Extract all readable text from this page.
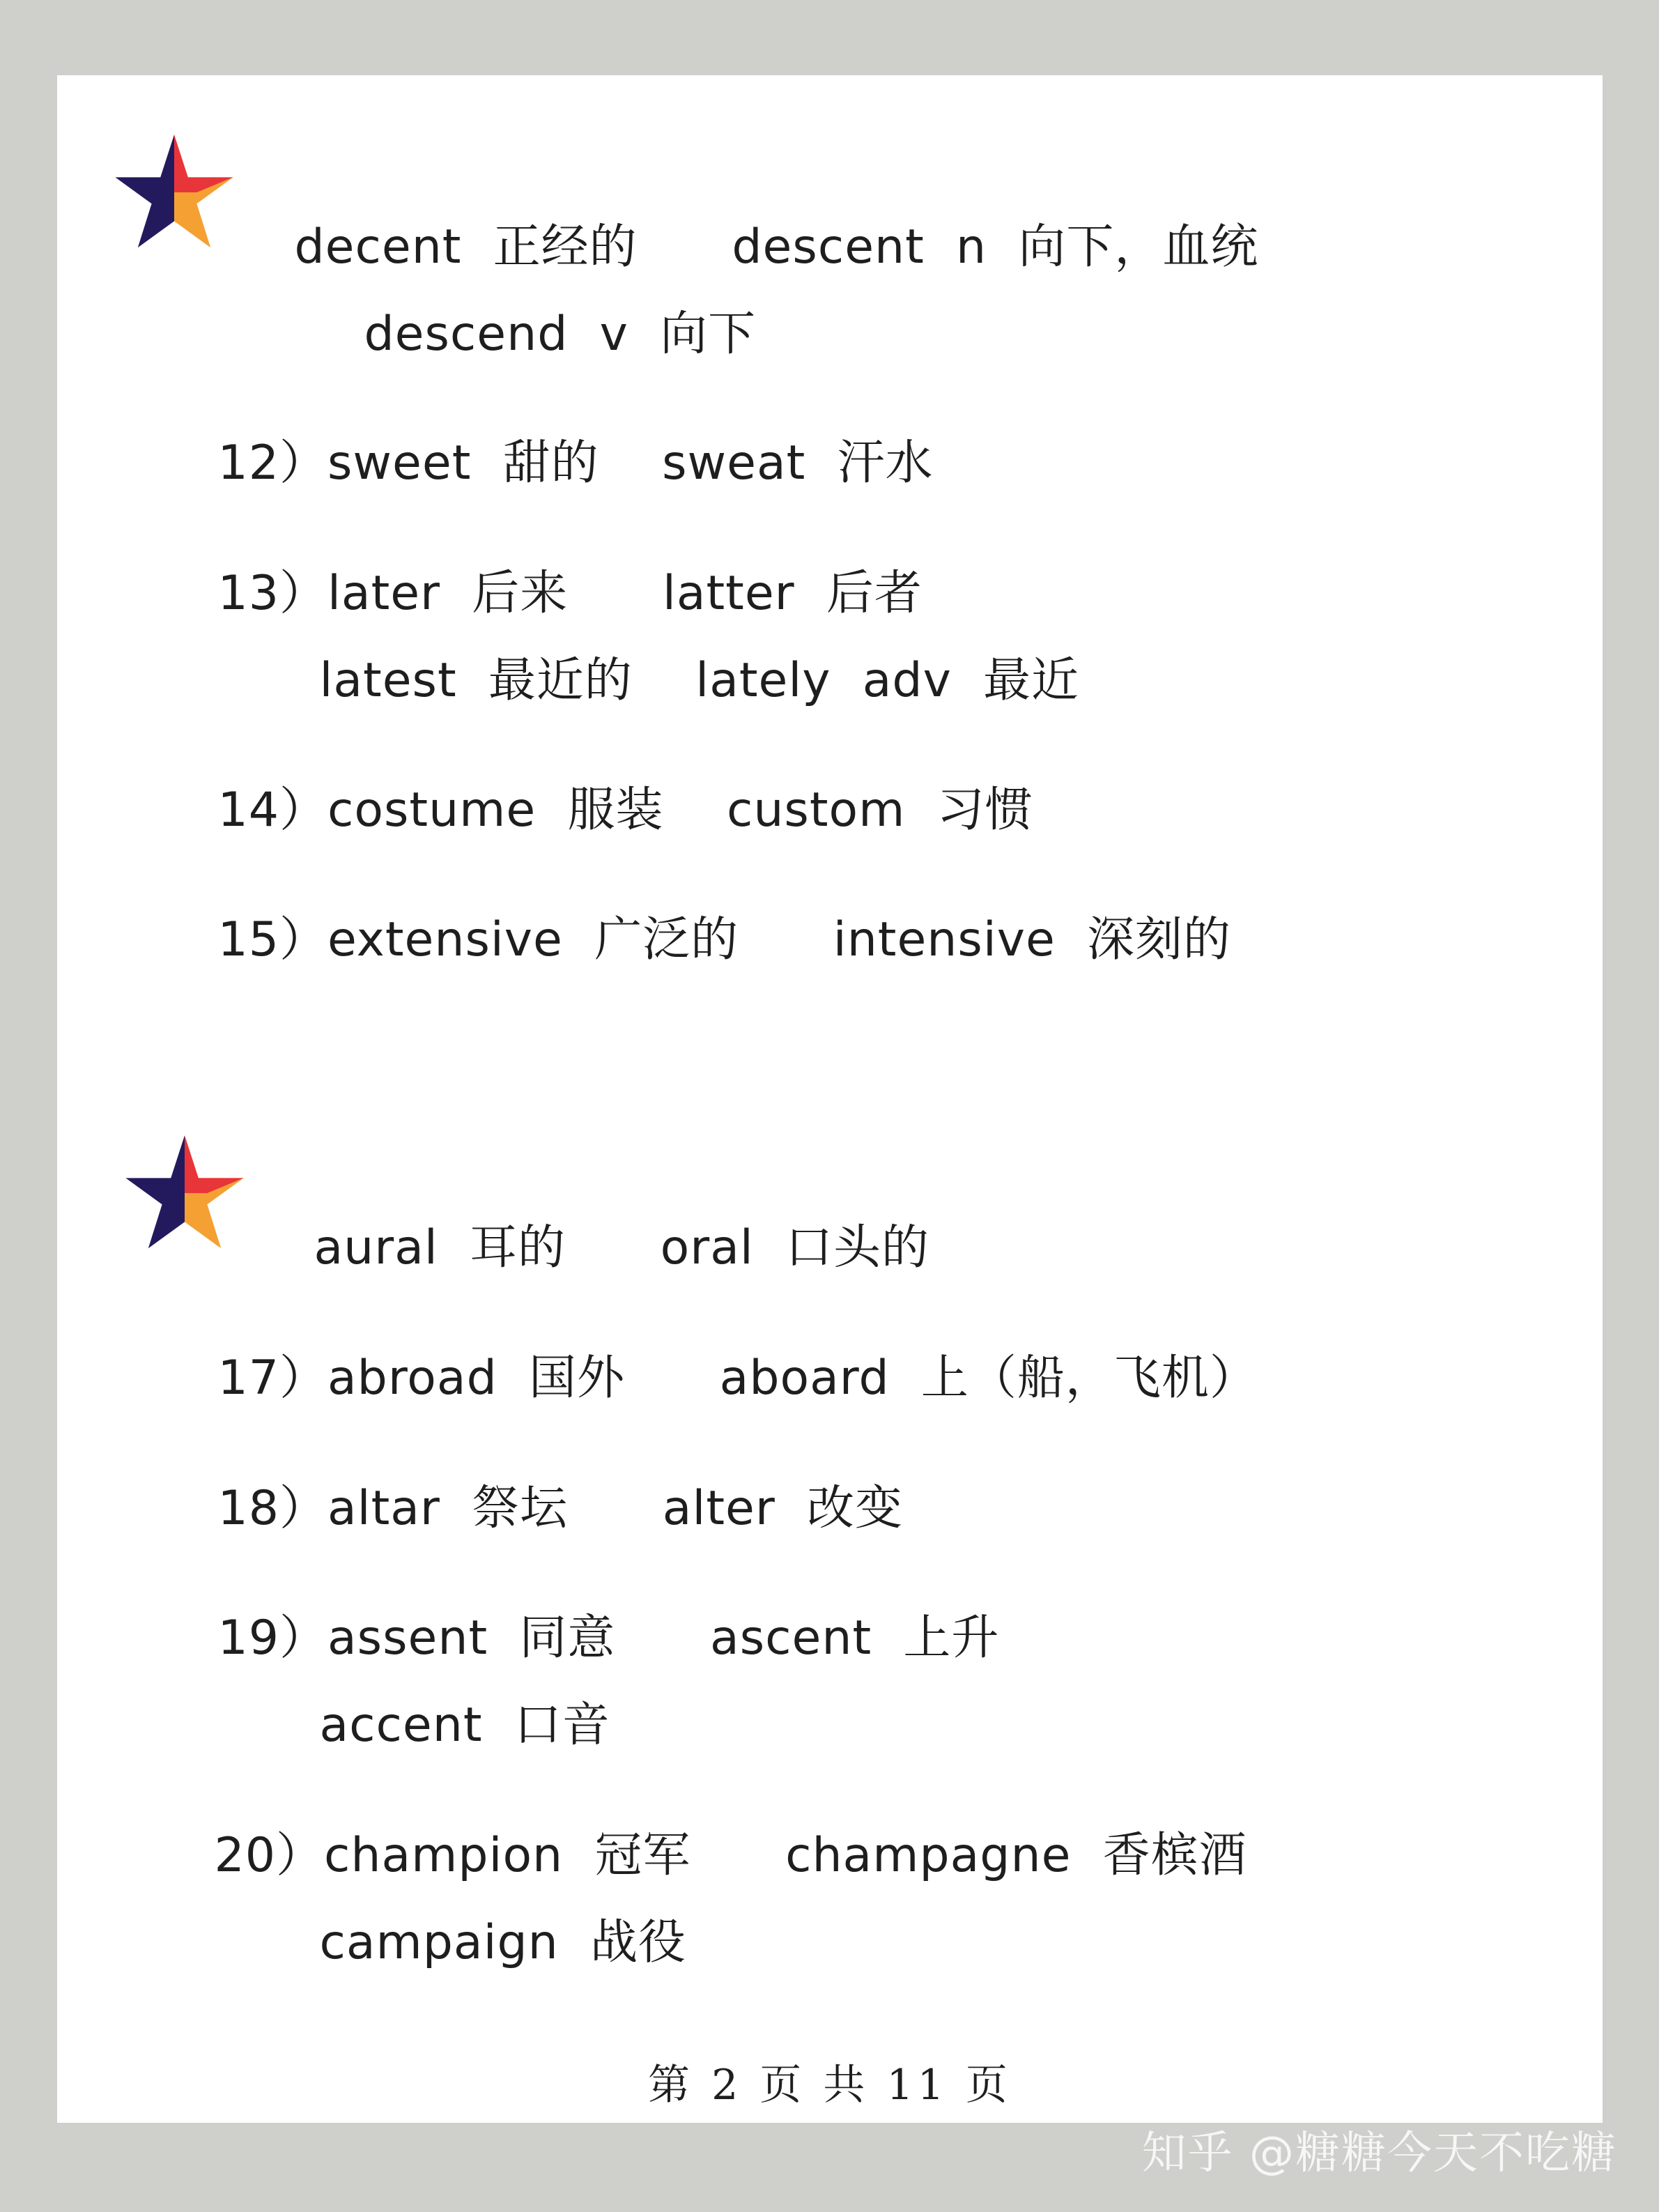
decent  正经的      descent  n  向下，血统

descend  v  向下

12）sweet  甜的    sweat  汗水

13）later  后来      latter  后者

latest  最近的    lately  adv  最近

14）costume  服装    custom  习惯

15）extensive  广泛的      intensive  深刻的

aural  耳的      oral  口头的

17）abroad  国外      aboard  上（船，飞机）

18）altar  祭坛      alter  改变

19）assent  同意      ascent  上升

accent  口音

20）champion  冠军      champagne  香槟酒

campaign  战役

第 2 页 共 11 页
知乎 @糖糖今天不吃糖
